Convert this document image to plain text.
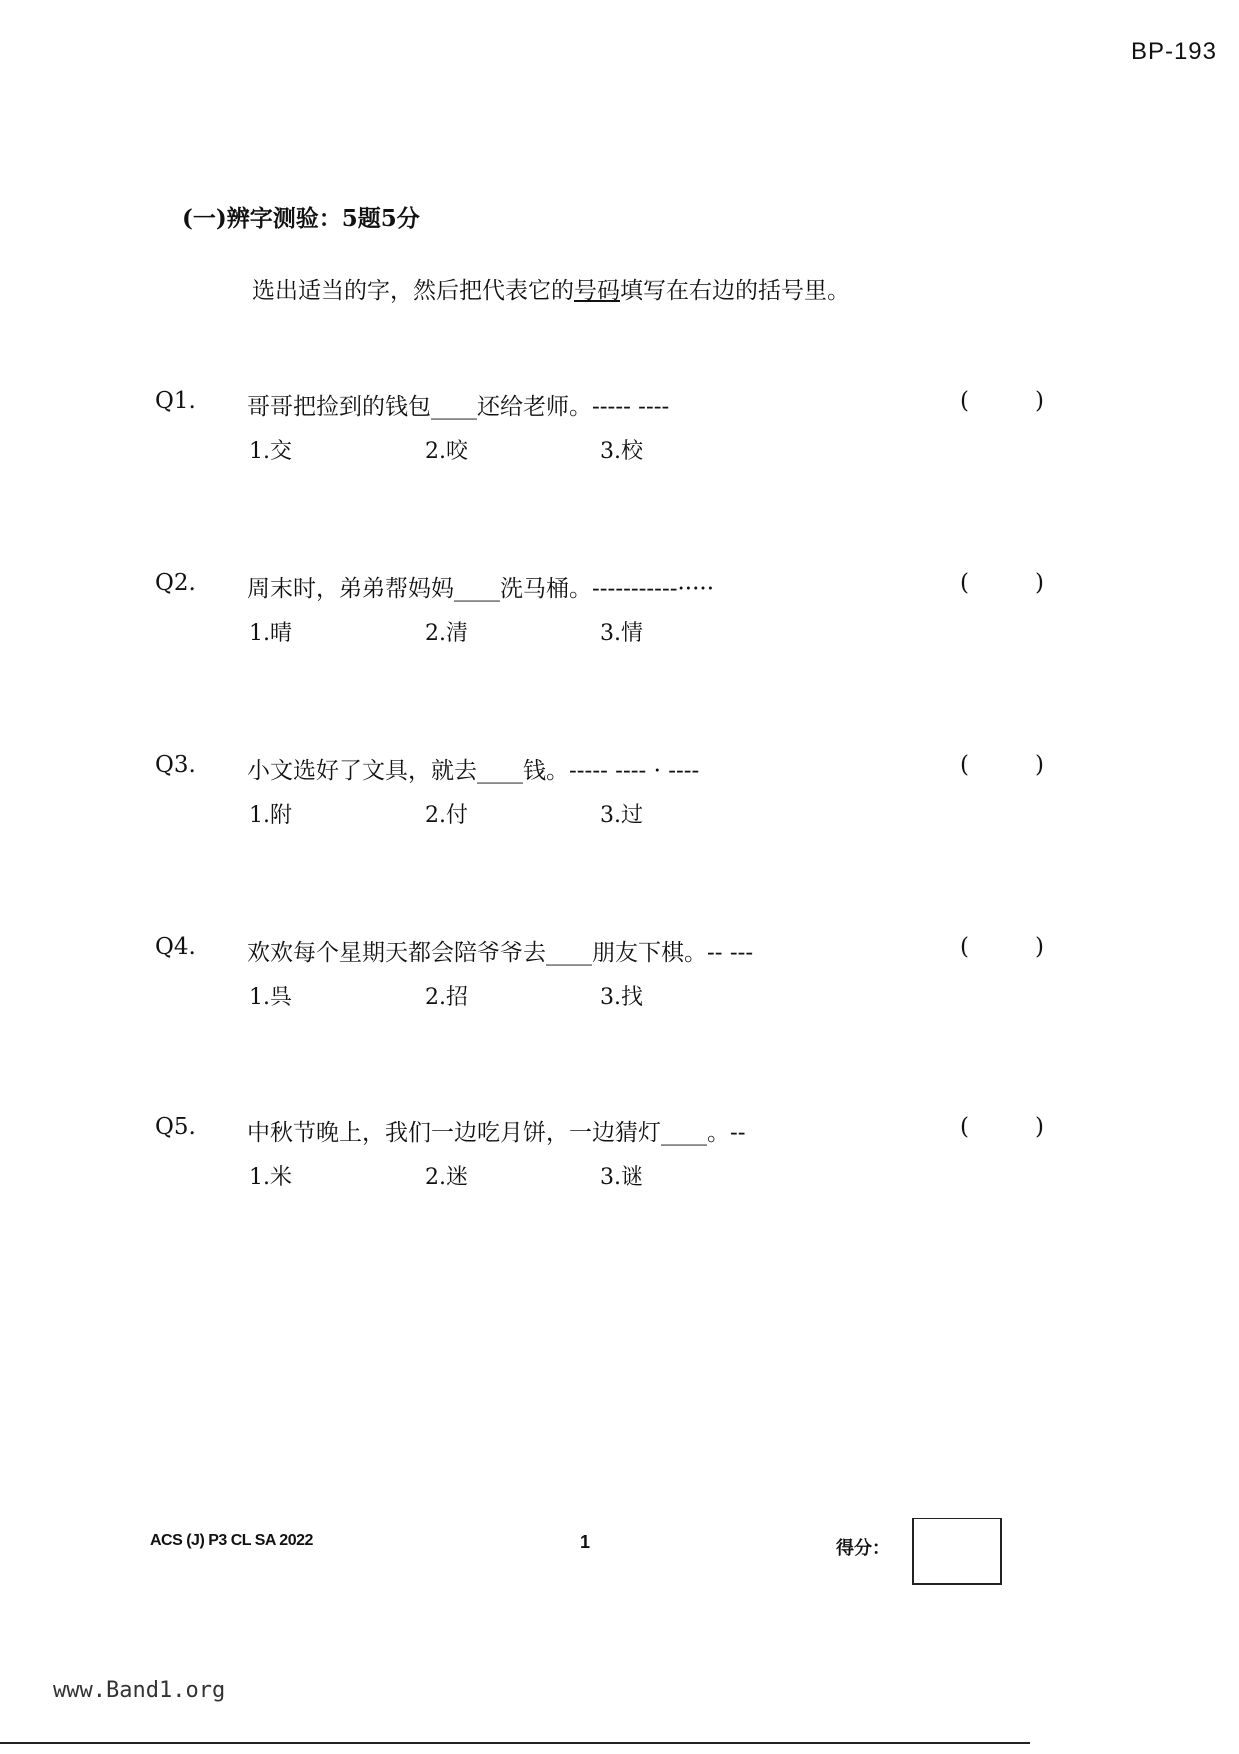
BP-193
(一)辨字测验：5题5分
选出适当的字，然后把代表它的号码填写在右边的括号里。
Q1. 哥哥把捡到的钱包____还给老师。----- ----	(	)
1.交	2.咬	3.校
Q2. 周末时，弟弟帮妈妈____洗马桶。-----------·····	(	)
1.晴	2.清	3.情
Q3. 小文选好了文具，就去____钱。----- ---- · ----	(	)
1.附	2.付	3.过
Q4. 欢欢每个星期天都会陪爷爷去____朋友下棋。-- ---	(	)
1.呉	2.招	3.找
Q5. 中秋节晚上，我们一边吃月饼，一边猜灯____。--	(	)
1.米	2.迷	3.谜
ACS (J) P3 CL SA 2022	1	得分：
www.Band1.org
